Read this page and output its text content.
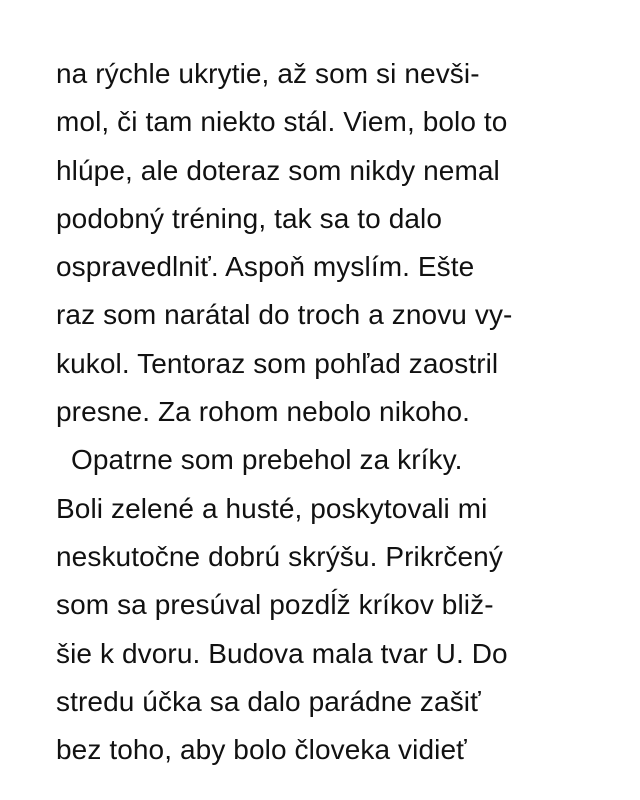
na rýchle ukrytie, až som si nevši-
mol, či tam niekto stál. Viem, bolo to
hlúpe, ale doteraz som nikdy nemal
podobný tréning, tak sa to dalo
ospravedlniť. Aspoň myslím. Ešte
raz som narátal do troch a znovu vy-
kukol. Tentoraz som pohľad zaostril
presne. Za rohom nebolo nikoho.
Opatrne som prebehol za kríky.
Boli zelené a husté, poskytovali mi
neskutočne dobrú skrýšu. Prikrčený
som sa presúval pozdĺž kríkov bliž-
šie k dvoru. Budova mala tvar U. Do
stredu účka sa dalo parádne zašiť
bez toho, aby bolo človeka vidieť
